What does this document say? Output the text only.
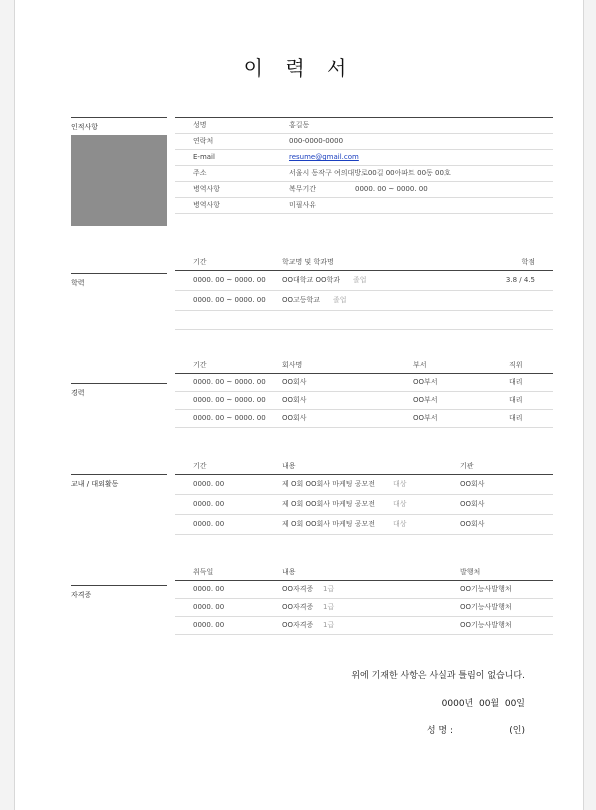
이 력 서
인적사항	성명	홍길동
연락처	000-0000-0000
E-mail	resume@gmail.com
주소	서울시 동작구 여의대방로00길 00아파트 00동 00호
병역사항	복무기간	0000. 00 ~ 0000. 00
병역사항	미필사유
학력
기간	학교명 및 학과명	학점
0000. 00 ~ 0000. 00 OO대학교 OO학과 졸업	3.8 / 4.5
0000. 00 ~ 0000. 00 OO고등학교 졸업
경력
기간	회사명	부서	직위
0000. 00 ~ 0000. 00 OO회사	OO부서	대리
0000. 00 ~ 0000. 00 OO회사	OO부서	대리
0000. 00 ~ 0000. 00 OO회사	OO부서	대리
교내 / 대외활동
기간	내용	기관
0000. 00	제 O회 OO회사 마케팅 공모전	대상	OO회사
0000. 00	제 O회 OO회사 마케팅 공모전	대상	OO회사
0000. 00	제 O회 OO회사 마케팅 공모전	대상	OO회사
자격증
취득일	내용	발행처
0000. 00	OO자격증 1급	OO기능사발행처
0000. 00	OO자격증 1급	OO기능사발행처
0000. 00	OO자격증 1급	OO기능사발행처
위에 기재한 사항은 사실과 틀림이 없습니다.
0000년  00월  00일
성 명 :	(인)
